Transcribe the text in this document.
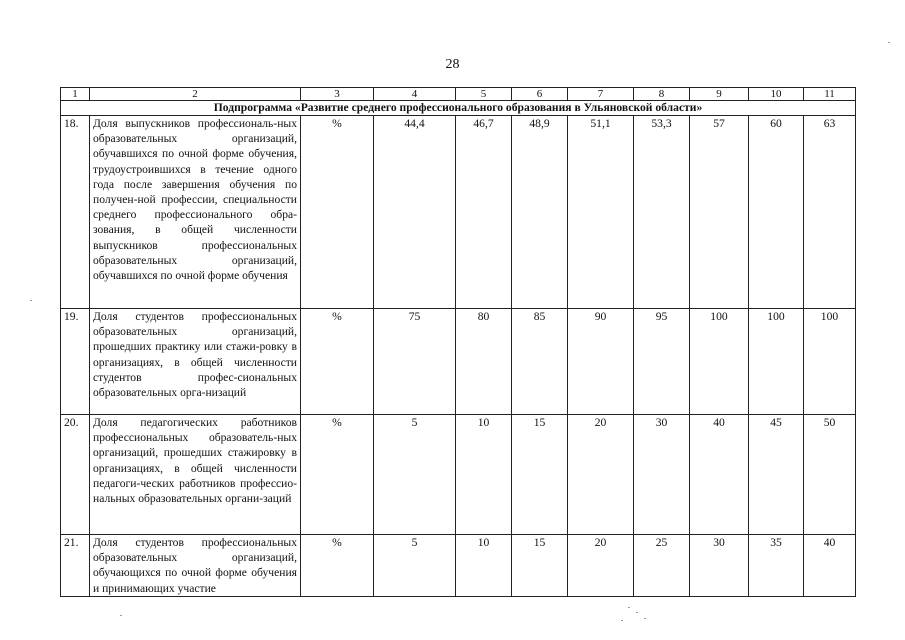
28
1	2	3	4	5	6	7	8	9	10	11
Подпрограмма «Развитие среднего профессионального образования в Ульяновской области»										
18.	Доля выпускников профессиональ-ных образовательных организаций, обучавшихся по очной форме обучения, трудоустроившихся в течение одного года после завершения обучения по получен-ной профессии, специальности среднего профессионального обра-зования, в общей численности выпускников профессиональных образовательных организаций, обучавшихся по очной форме обучения	%	44,4	46,7	48,9	51,1	53,3	57	60	63
19.	Доля студентов профессиональных образовательных организаций, прошедших практику или стажи-ровку в организациях, в общей численности студентов профес-сиональных образовательных орга-низаций	%	75	80	85	90	95	100	100	100
20.	Доля педагогических работников профессиональных образователь-ных организаций, прошедших стажировку в организациях, в общей численности педагоги-ческих работников профессио-нальных образовательных органи-заций	%	5	10	15	20	30	40	45	50
21.	Доля студентов профессиональных образовательных организаций, обучающихся по очной форме обучения и принимающих участие	%	5	10	15	20	25	30	35	40
